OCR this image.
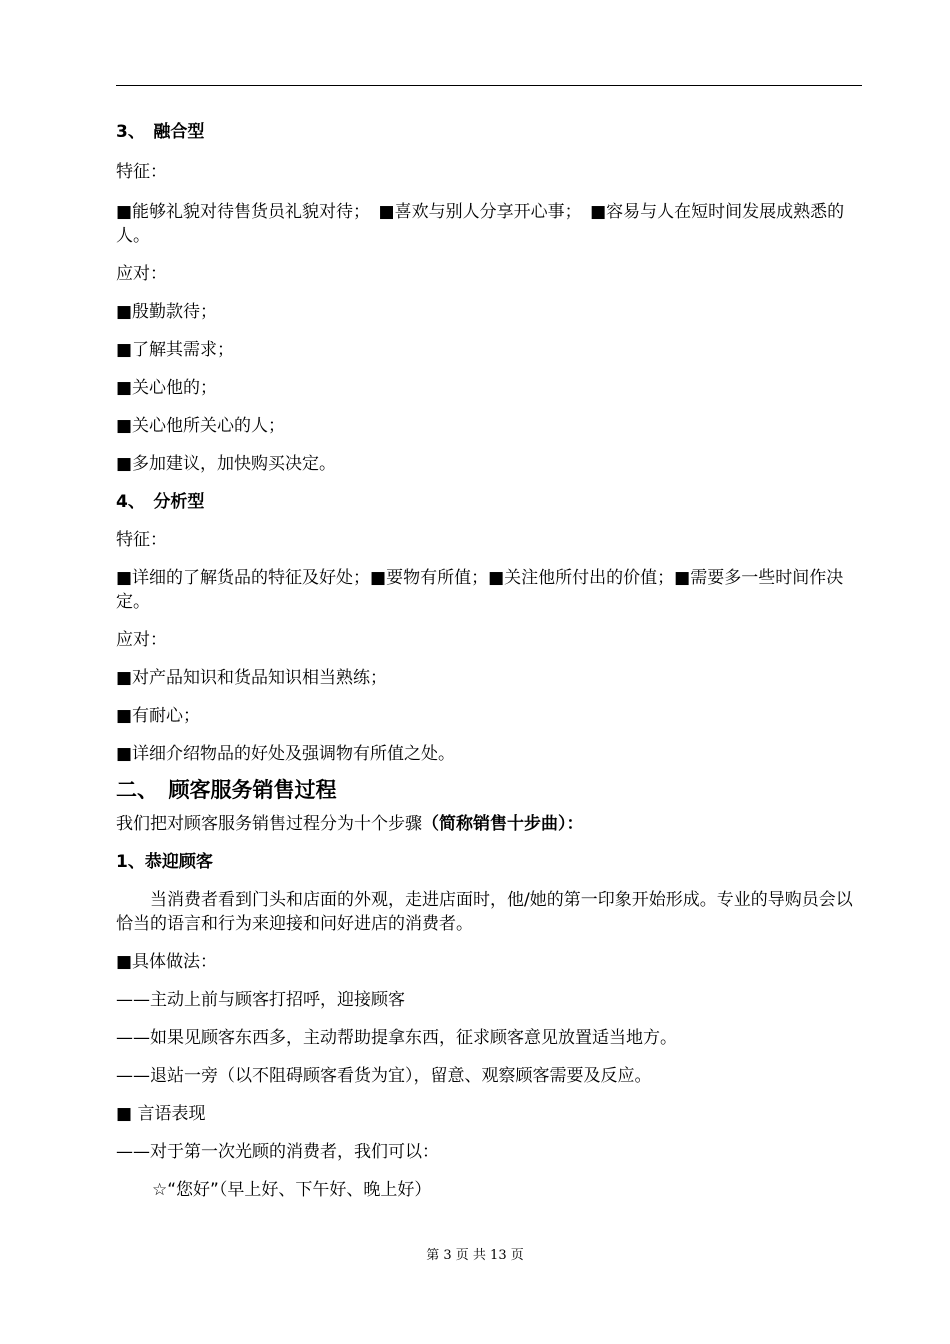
3、　融合型

特征：

■能够礼貌对待售货员礼貌对待；　■喜欢与别人分享开心事；　■容易与人在短时间发展成熟悉的人。

应对：

■殷勤款待；

■了解其需求；

■关心他的；

■关心他所关心的人；

■多加建议，加快购买决定。

4、　分析型

特征：

■详细的了解货品的特征及好处；■要物有所值；■关注他所付出的价值；■需要多一些时间作决定。

应对：

■对产品知识和货品知识相当熟练；

■有耐心；

■详细介绍物品的好处及强调物有所值之处。

二、　顾客服务销售过程

我们把对顾客服务销售过程分为十个步骤（简称销售十步曲）：

1、恭迎顾客

当消费者看到门头和店面的外观，走进店面时，他/她的第一印象开始形成。专业的导购员会以恰当的语言和行为来迎接和问好进店的消费者。

■具体做法：

——主动上前与顾客打招呼，迎接顾客

——如果见顾客东西多，主动帮助提拿东西，征求顾客意见放置适当地方。

——退站一旁（以不阻碍顾客看货为宜），留意、观察顾客需要及反应。

■ 言语表现

——对于第一次光顾的消费者，我们可以：

☆“您好”（早上好、下午好、晚上好）

第 3 页 共 13 页
